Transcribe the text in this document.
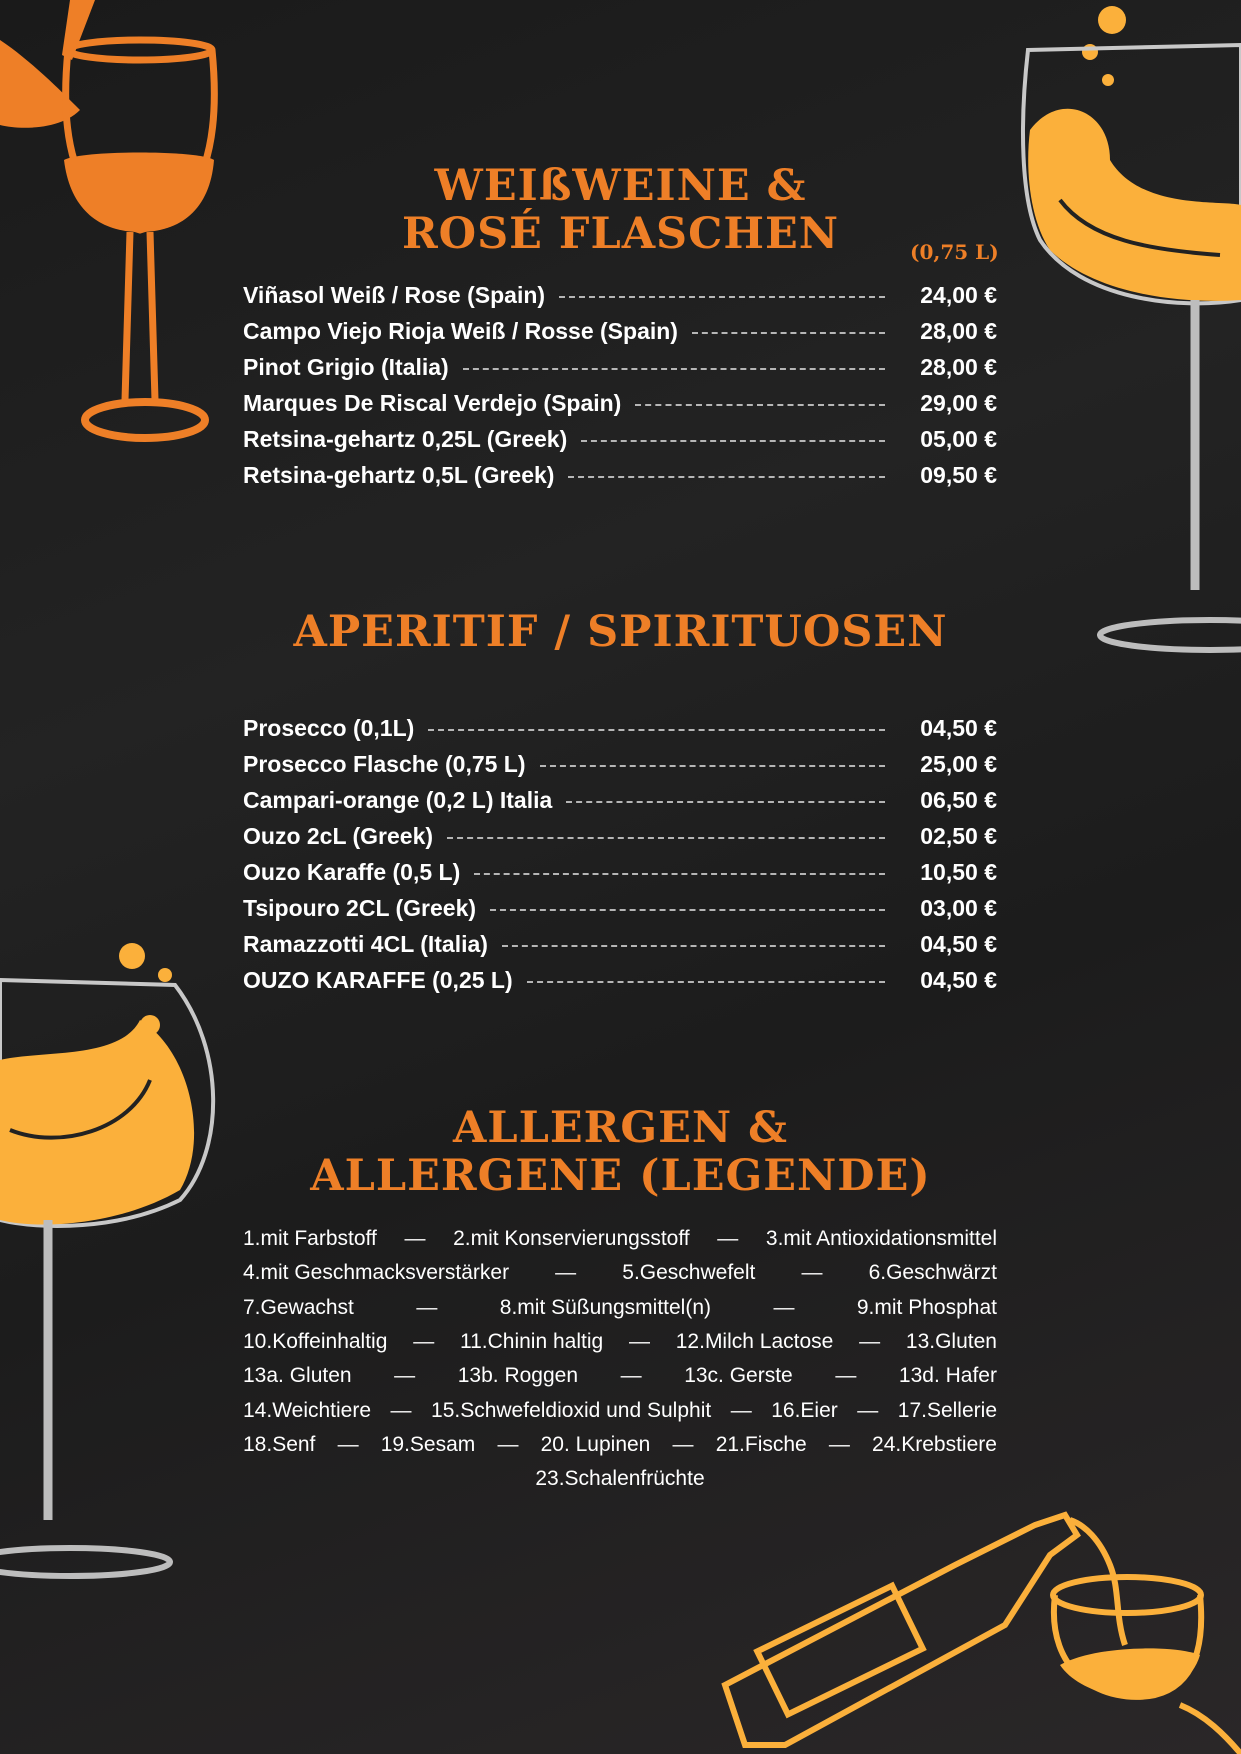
WEIßWEINE &
ROSÉ FLASCHEN	(0,75 L)
Viñasol Weiß / Rose (Spain)	24,00 €
Campo Viejo Rioja Weiß / Rosse (Spain)	28,00 €
Pinot Grigio (Italia)	28,00 €
Marques De Riscal Verdejo (Spain)	29,00 €
Retsina-gehartz 0,25L (Greek)	05,00 €
Retsina-gehartz 0,5L (Greek)	09,50 €
APERITIF / SPIRITUOSEN
Prosecco (0,1L)	04,50 €
Prosecco Flasche (0,75 L)	25,00 €
Campari-orange (0,2 L) Italia	06,50 €
Ouzo 2cL (Greek)	02,50 €
Ouzo Karaffe (0,5 L)	10,50 €
Tsipouro 2CL (Greek)	03,00 €
Ramazzotti 4CL (Italia)	04,50 €
OUZO KARAFFE (0,25 L)	04,50 €
ALLERGEN &
ALLERGENE (LEGENDE)
1.mit Farbstoff — 2.mit Konservierungsstoff — 3.mit Antioxidationsmittel
4.mit Geschmacksverstärker — 5.Geschwefelt — 6.Geschwärzt
7.Gewachst	—	8.mit Süßungsmittel(n)	—	9.mit Phosphat
10.Koffeinhaltig — 11.Chinin haltig — 12.Milch Lactose — 13.Gluten
13a. Gluten — 13b. Roggen — 13c. Gerste — 13d. Hafer
14.Weichtiere — 15.Schwefeldioxid und Sulphit — 16.Eier — 17.Sellerie
18.Senf — 19.Sesam — 20. Lupinen — 21.Fische — 24.Krebstiere
23.Schalenfrüchte
